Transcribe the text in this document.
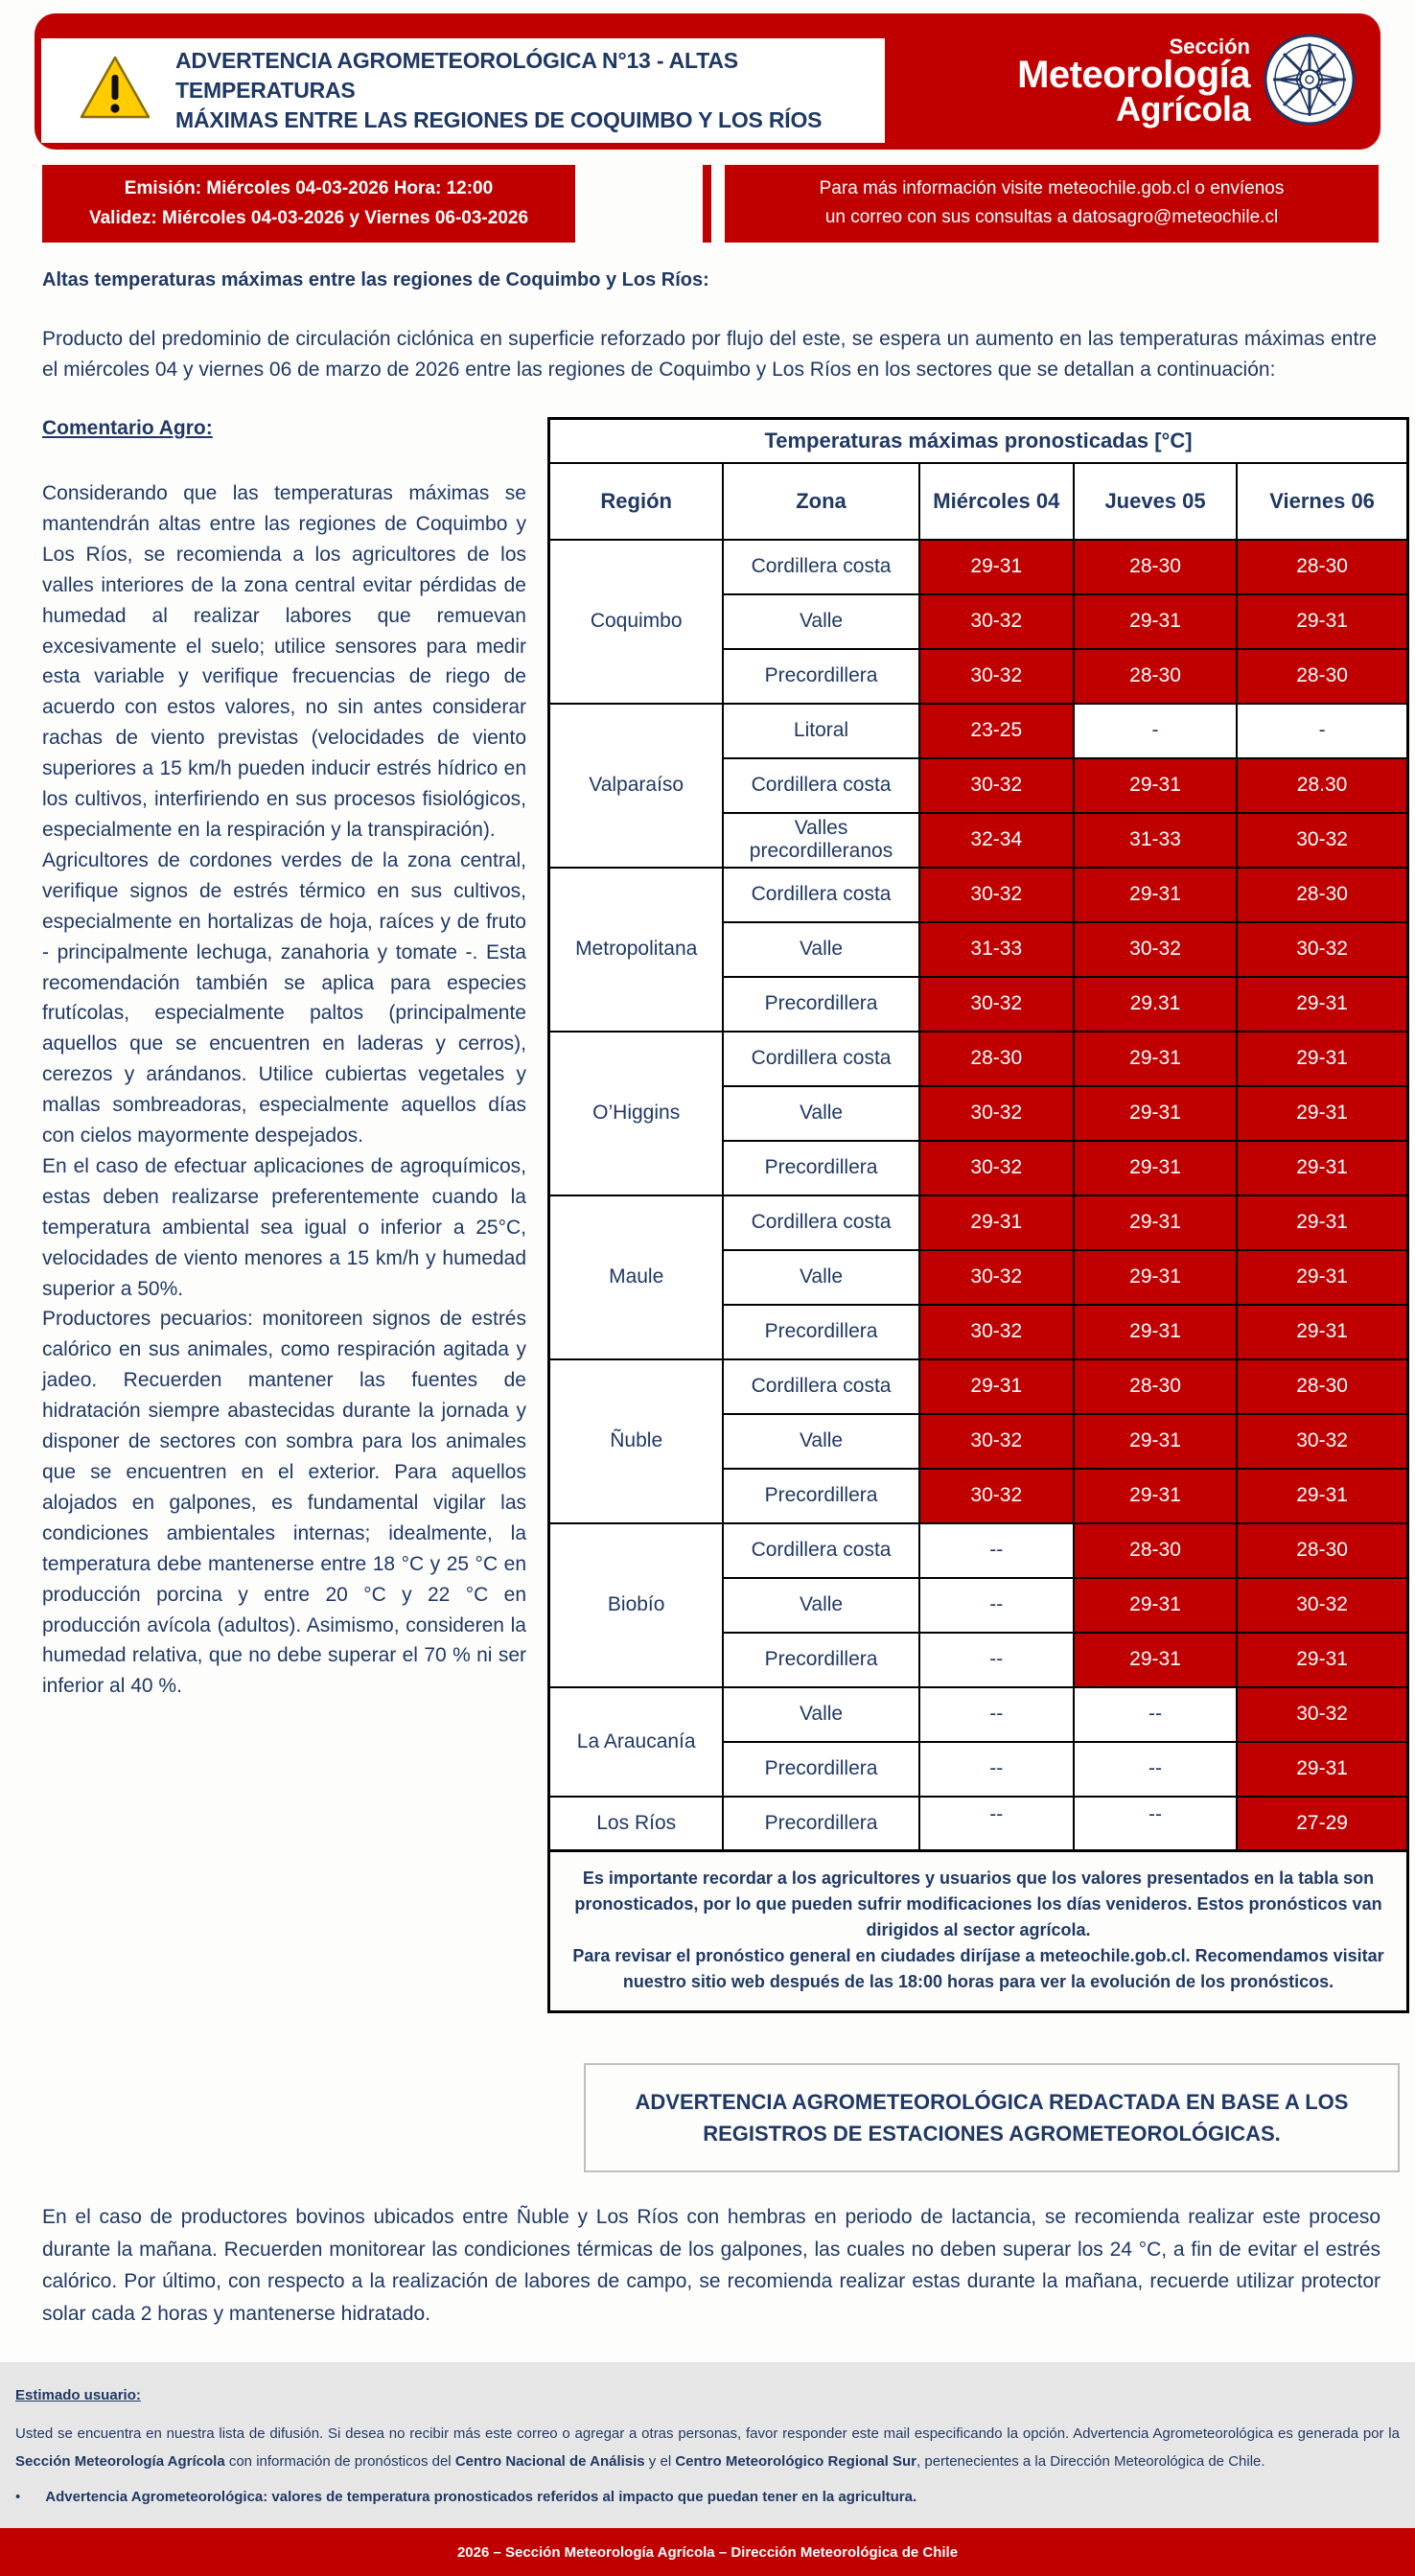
ADVERTENCIA AGROMETEOROLÓGICA N°13 - ALTAS TEMPERATURAS
MÁXIMAS ENTRE LAS REGIONES DE COQUIMBO Y LOS RÍOS
Sección
Meteorología
Agrícola
Emisión: Miércoles 04-03-2026 Hora: 12:00
Validez: Miércoles 04-03-2026 y Viernes 06-03-2026
Para más información visite meteochile.gob.cl o envíenos
un correo con sus consultas a datosagro@meteochile.cl
Altas temperaturas máximas entre las regiones de Coquimbo y Los Ríos:

Producto del predominio de circulación ciclónica en superficie reforzado por flujo del este, se espera un aumento en las temperaturas máximas entre el miércoles 04 y viernes 06 de marzo de 2026 entre las regiones de Coquimbo y Los Ríos en los sectores que se detallan a continuación:

Comentario Agro:

Considerando que las temperaturas máximas se mantendrán altas entre las regiones de Coquimbo y Los Ríos, se recomienda a los agricultores de los valles interiores de la zona central evitar pérdidas de humedad al realizar labores que remuevan excesivamente el suelo; utilice sensores para medir esta variable y verifique frecuencias de riego de acuerdo con estos valores, no sin antes considerar rachas de viento previstas (velocidades de viento superiores a 15 km/h pueden inducir estrés hídrico en los cultivos, interfiriendo en sus procesos fisiológicos, especialmente en la respiración y la transpiración).

Agricultores de cordones verdes de la zona central, verifique signos de estrés térmico en sus cultivos, especialmente en hortalizas de hoja, raíces y de fruto - principalmente lechuga, zanahoria y tomate -. Esta recomendación también se aplica para especies frutícolas, especialmente paltos (principalmente aquellos que se encuentren en laderas y cerros), cerezos y arándanos. Utilice cubiertas vegetales y mallas sombreadoras, especialmente aquellos días con cielos mayormente despejados.

En el caso de efectuar aplicaciones de agroquímicos, estas deben realizarse preferentemente cuando la temperatura ambiental sea igual o inferior a 25°C, velocidades de viento menores a 15 km/h y humedad superior a 50%.

Productores pecuarios: monitoreen signos de estrés calórico en sus animales, como respiración agitada y jadeo. Recuerden mantener las fuentes de hidratación siempre abastecidas durante la jornada y disponer de sectores con sombra para los animales que se encuentren en el exterior. Para aquellos alojados en galpones, es fundamental vigilar las condiciones ambientales internas; idealmente, la temperatura debe mantenerse entre 18 °C y 25 °C en producción porcina y entre 20 °C y 22 °C en producción avícola (adultos). Asimismo, consideren la humedad relativa, que no debe superar el 70 % ni ser inferior al 40 %.

Temperaturas máximas pronosticadas [°C]				
Región	Zona	Miércoles 04	Jueves 05	Viernes 06
Coquimbo	Cordillera costa	29-31	28-30	28-30
	Valle	30-32	29-31	29-31
	Precordillera	30-32	28-30	28-30
Valparaíso	Litoral	23-25	-	-
	Cordillera costa	30-32	29-31	28.30
	Valles precordilleranos	32-34	31-33	30-32
Metropolitana	Cordillera costa	30-32	29-31	28-30
	Valle	31-33	30-32	30-32
	Precordillera	30-32	29.31	29-31
O’Higgins	Cordillera costa	28-30	29-31	29-31
	Valle	30-32	29-31	29-31
	Precordillera	30-32	29-31	29-31
Maule	Cordillera costa	29-31	29-31	29-31
	Valle	30-32	29-31	29-31
	Precordillera	30-32	29-31	29-31
Ñuble	Cordillera costa	29-31	28-30	28-30
	Valle	30-32	29-31	30-32
	Precordillera	30-32	29-31	29-31
Biobío	Cordillera costa	--	28-30	28-30
	Valle	--	29-31	30-32
	Precordillera	--	29-31	29-31
La Araucanía	Valle	--	--	30-32
	Precordillera	--	--	29-31
Los Ríos	Precordillera	--	--	27-29

Es importante recordar a los agricultores y usuarios que los valores presentados en la tabla son pronosticados, por lo que pueden sufrir modificaciones los días venideros. Estos pronósticos van dirigidos al sector agrícola.

Para revisar el pronóstico general en ciudades diríjase a meteochile.gob.cl. Recomendamos visitar nuestro sitio web después de las 18:00 horas para ver la evolución de los pronósticos.

ADVERTENCIA AGROMETEOROLÓGICA REDACTADA EN BASE A LOS REGISTROS DE ESTACIONES AGROMETEOROLÓGICAS.

En el caso de productores bovinos ubicados entre Ñuble y Los Ríos con hembras en periodo de lactancia, se recomienda realizar este proceso durante la mañana. Recuerden monitorear las condiciones térmicas de los galpones, las cuales no deben superar los 24 °C, a fin de evitar el estrés calórico. Por último, con respecto a la realización de labores de campo, se recomienda realizar estas durante la mañana, recuerde utilizar protector solar cada 2 horas y mantenerse hidratado.

Estimado usuario:

Usted se encuentra en nuestra lista de difusión. Si desea no recibir más este correo o agregar a otras personas, favor responder este mail especificando la opción. Advertencia Agrometeorológica es generada por la Sección Meteorología Agrícola con información de pronósticos del Centro Nacional de Análisis y el Centro Meteorológico Regional Sur, pertenecientes a la Dirección Meteorológica de Chile.

• Advertencia Agrometeorológica: valores de temperatura pronosticados referidos al impacto que puedan tener en la agricultura.
2026 – Sección Meteorología Agrícola – Dirección Meteorológica de Chile
